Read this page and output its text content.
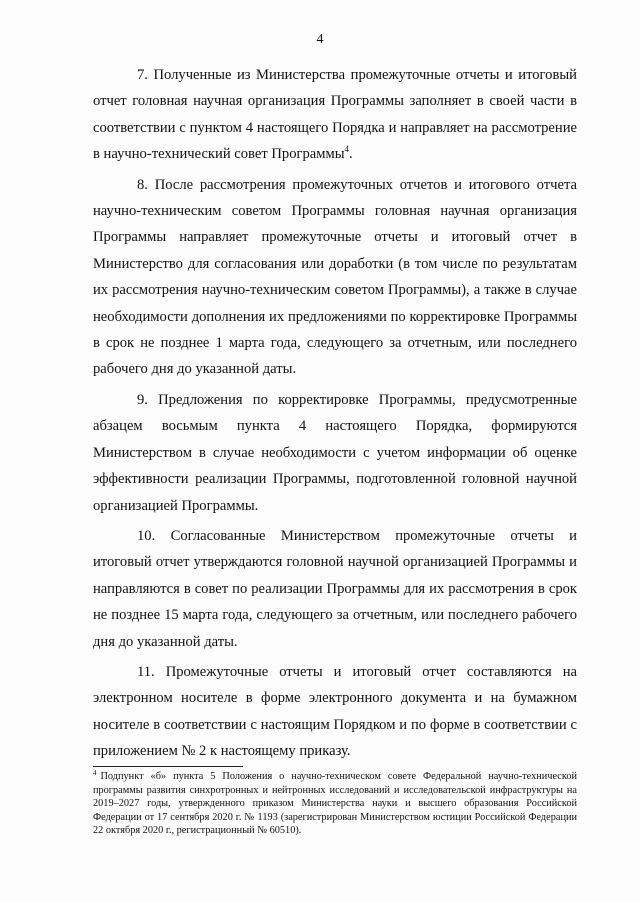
4

7. Полученные из Министерства промежуточные отчеты и итоговый отчет головная научная организация Программы заполняет в своей части в соответствии с пунктом 4 настоящего Порядка и направляет на рассмотрение в научно-технический совет Программы$^4$.

8. После рассмотрения промежуточных отчетов и итогового отчета научно-техническим советом Программы головная научная организация Программы направляет промежуточные отчеты и итоговый отчет в Министерство для согласования или доработки (в том числе по результатам их рассмотрения научно-техническим советом Программы), а также в случае необходимости дополнения их предложениями по корректировке Программы в срок не позднее 1 марта года, следующего за отчетным, или последнего рабочего дня до указанной даты.

9. Предложения по корректировке Программы, предусмотренные абзацем восьмым пункта 4 настоящего Порядка, формируются Министерством в случае необходимости с учетом информации об оценке эффективности реализации Программы, подготовленной головной научной организацией Программы.

10. Согласованные Министерством промежуточные отчеты и итоговый отчет утверждаются головной научной организацией Программы и направляются в совет по реализации Программы для их рассмотрения в срок не позднее 15 марта года, следующего за отчетным, или последнего рабочего дня до указанной даты.

11. Промежуточные отчеты и итоговый отчет составляются на электронном носителе в форме электронного документа и на бумажном носителе в соответствии с настоящим Порядком и по форме в соответствии с приложением № 2 к настоящему приказу.

$^4$ Подпункт «б» пункта 5 Положения о научно-техническом совете Федеральной научно-технической программы развития синхротронных и нейтронных исследований и исследовательской инфраструктуры на 2019–2027 годы, утвержденного приказом Министерства науки и высшего образования Российской Федерации от 17 сентября 2020 г. № 1193 (зарегистрирован Министерством юстиции Российской Федерации 22 октября 2020 г., регистрационный № 60510).
